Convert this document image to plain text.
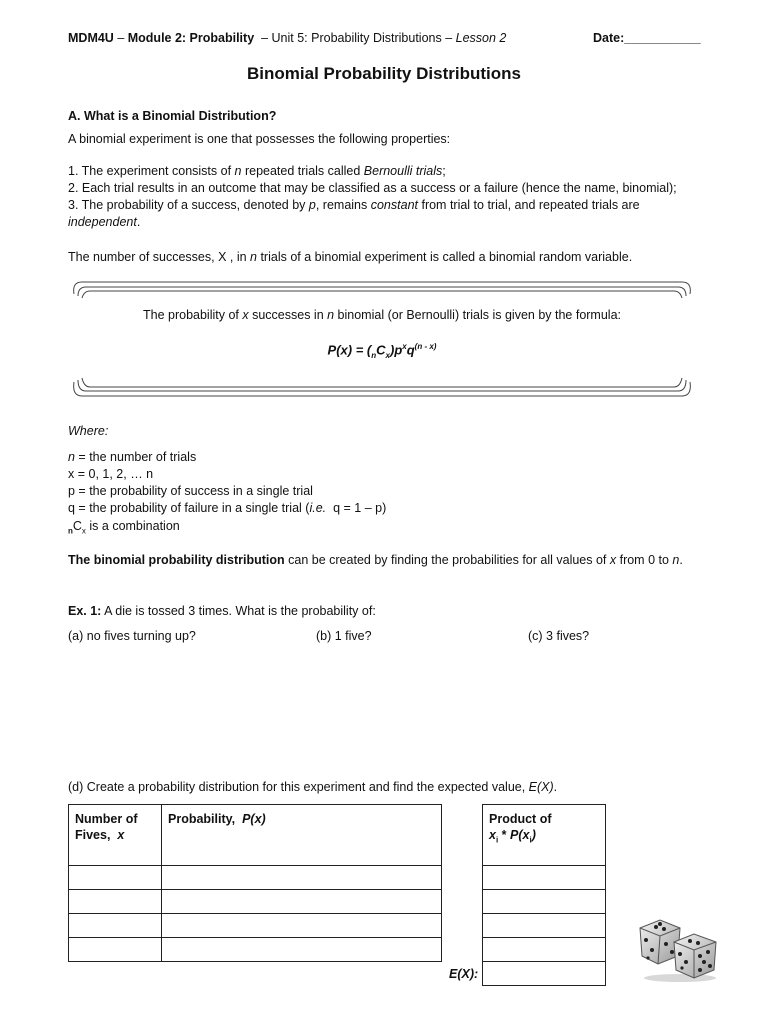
MDM4U – Module 2: Probability  – Unit 5: Probability Distributions – Lesson 2	Date:___________
Binomial Probability Distributions
A. What is a Binomial Distribution?
A binomial experiment is one that possesses the following properties:
1. The experiment consists of n repeated trials called Bernoulli trials;
2. Each trial results in an outcome that may be classified as a success or a failure (hence the name, binomial);
3. The probability of a success, denoted by p, remains constant from trial to trial, and repeated trials are
independent.
The number of successes, X , in n trials of a binomial experiment is called a binomial random variable.
The probability of x successes in n binomial (or Bernoulli) trials is given by the formula:
$P(x) = (_nC_x)p^xq^{(n - x)}$
Where:
n = the number of trials
x = 0, 1, 2, … n
p = the probability of success in a single trial
q = the probability of failure in a single trial (i.e.  q = 1 – p)
$_nC_x$ is a combination
The binomial probability distribution can be created by finding the probabilities for all values of x from 0 to n.
Ex. 1: A die is tossed 3 times. What is the probability of:
(a) no fives turning up?	(b) 1 five?	(c) 3 fives?
(d) Create a probability distribution for this experiment and find the expected value, E(X).
Number of
Fives,  x	Probability,  P(x)

		Product of
$x_i * P(x_i)$

E(X):
